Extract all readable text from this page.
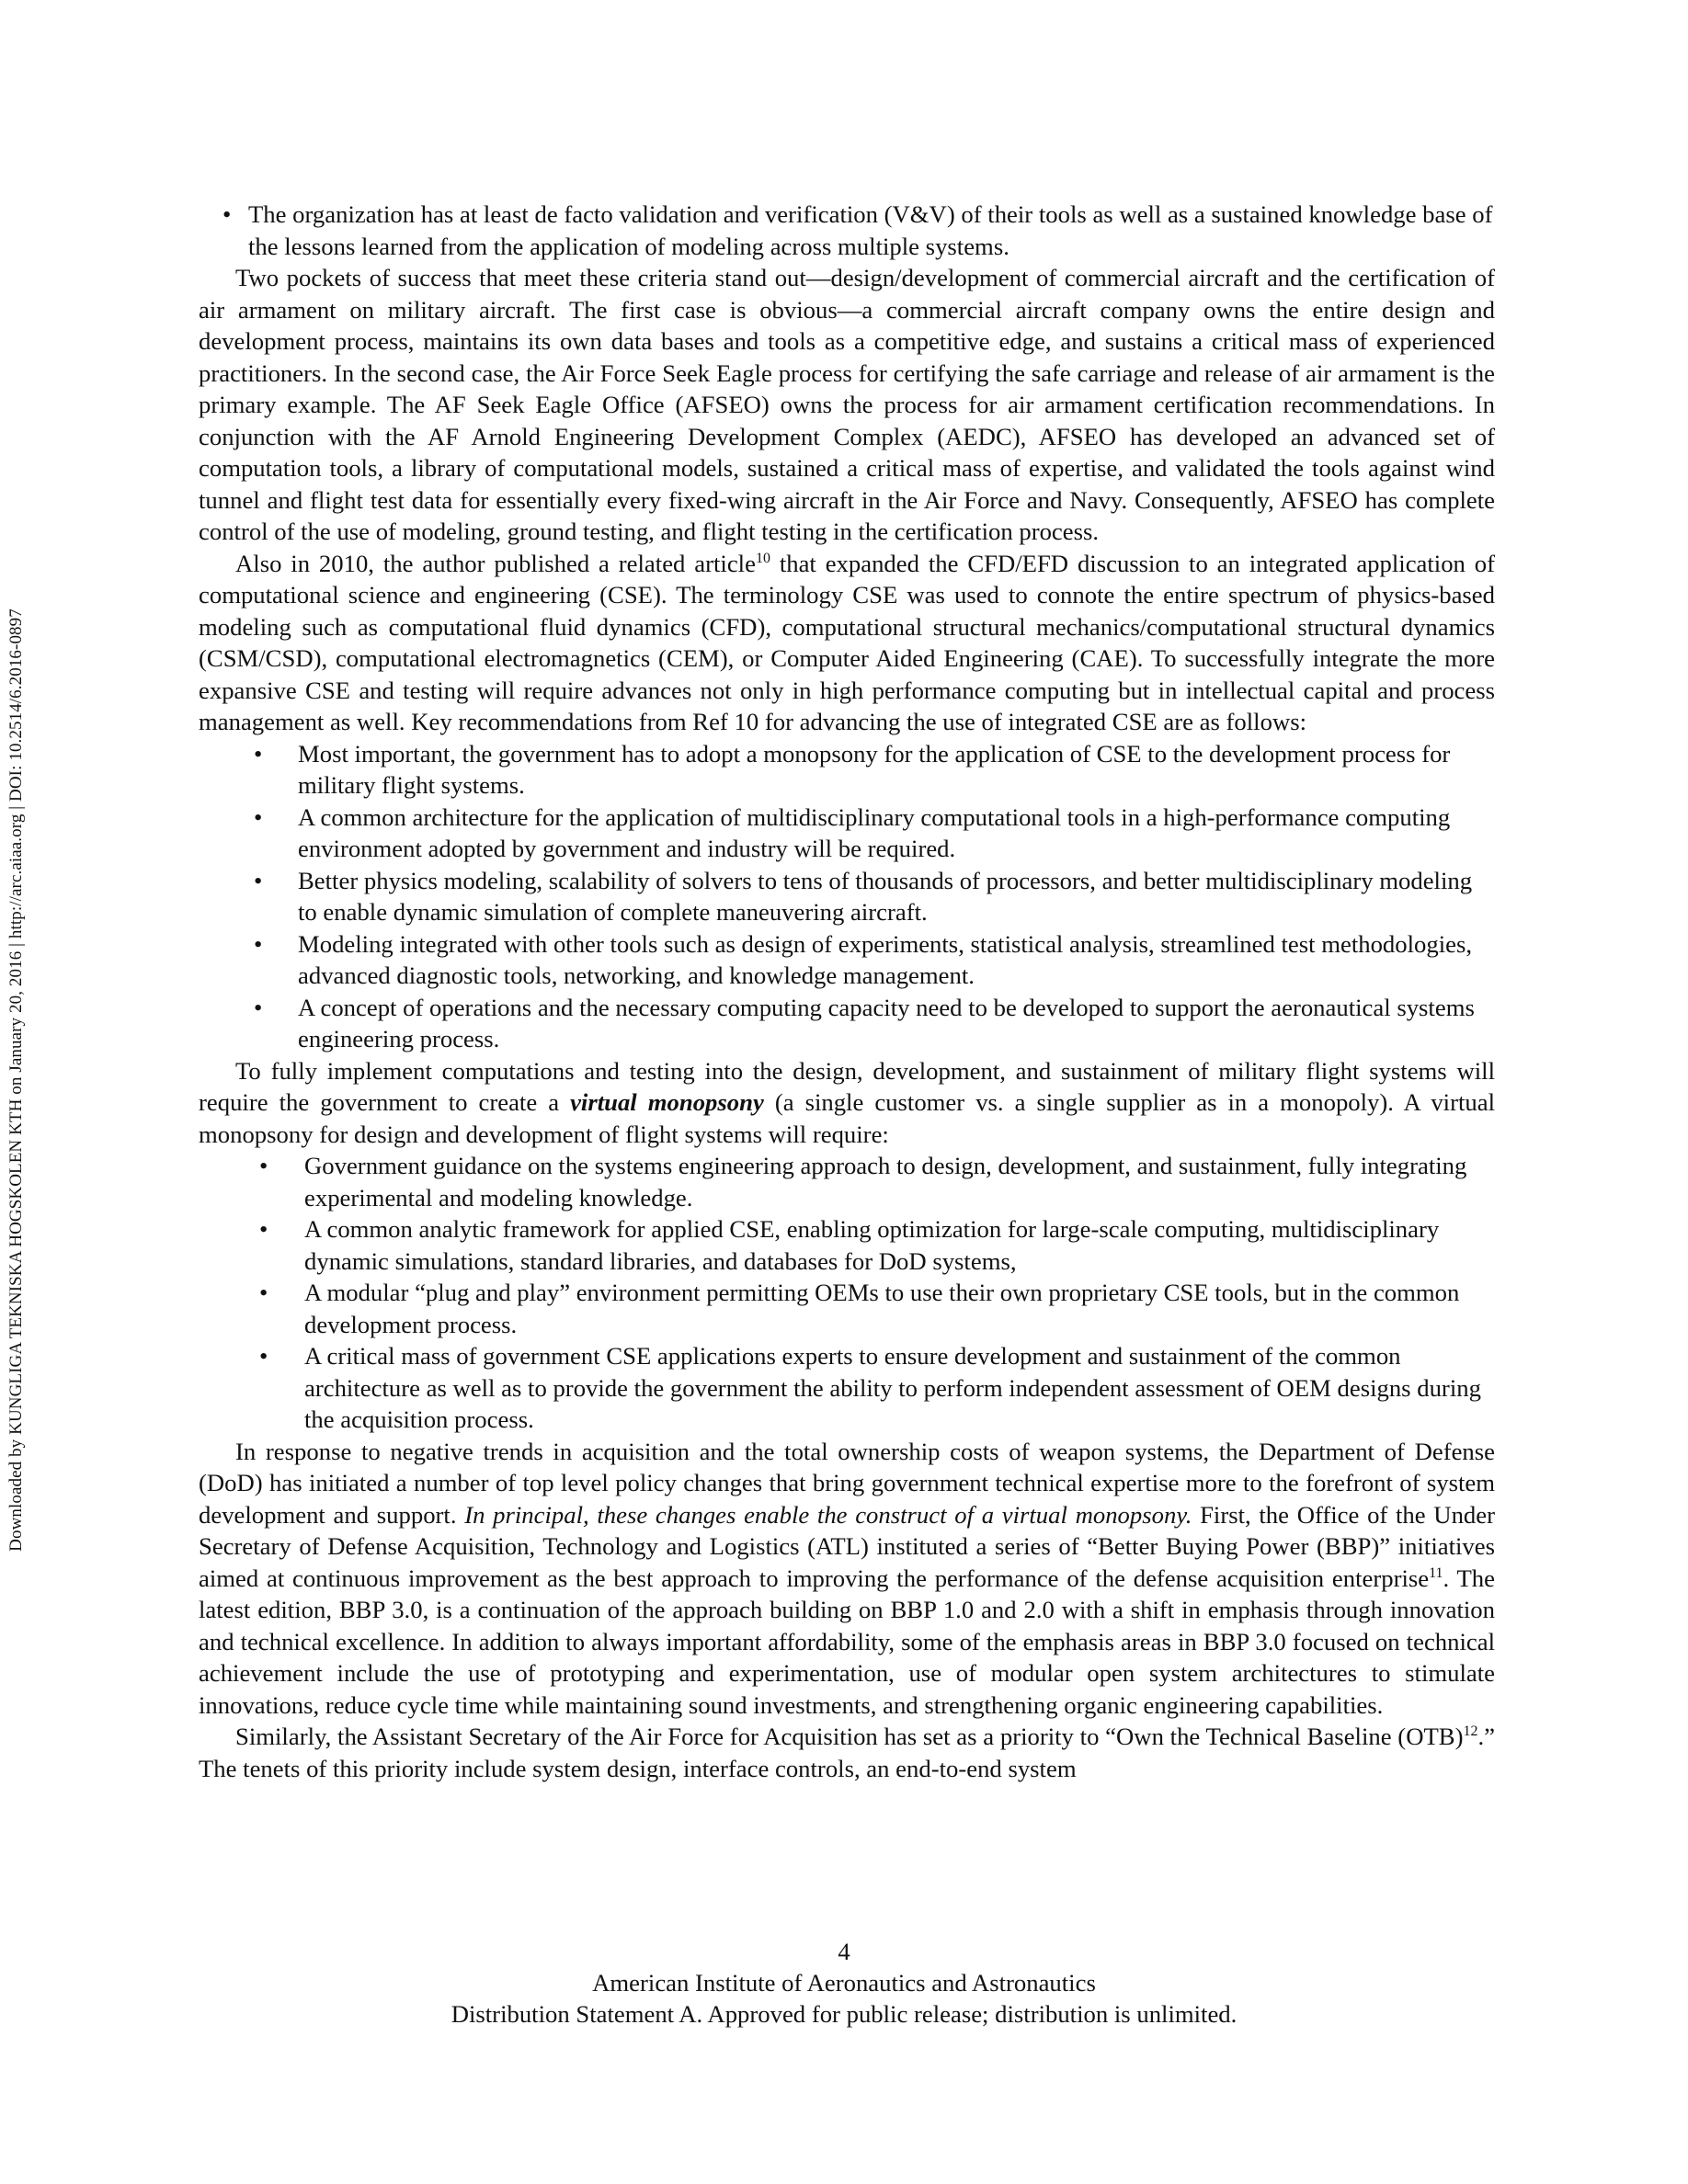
Downloaded by KUNGLIGA TEKNISKA HOGSKOLEN KTH on January 20, 2016 | http://arc.aiaa.org | DOI: 10.2514/6.2016-0897
• The organization has at least de facto validation and verification (V&V) of their tools as well as a sustained knowledge base of the lessons learned from the application of modeling across multiple systems.

Two pockets of success that meet these criteria stand out—design/development of commercial aircraft and the certification of air armament on military aircraft. The first case is obvious—a commercial aircraft company owns the entire design and development process, maintains its own data bases and tools as a competitive edge, and sustains a critical mass of experienced practitioners. In the second case, the Air Force Seek Eagle process for certifying the safe carriage and release of air armament is the primary example. The AF Seek Eagle Office (AFSEO) owns the process for air armament certification recommendations. In conjunction with the AF Arnold Engineering Development Complex (AEDC), AFSEO has developed an advanced set of computation tools, a library of computational models, sustained a critical mass of expertise, and validated the tools against wind tunnel and flight test data for essentially every fixed-wing aircraft in the Air Force and Navy. Consequently, AFSEO has complete control of the use of modeling, ground testing, and flight testing in the certification process.

Also in 2010, the author published a related article$^{10}$ that expanded the CFD/EFD discussion to an integrated application of computational science and engineering (CSE). The terminology CSE was used to connote the entire spectrum of physics-based modeling such as computational fluid dynamics (CFD), computational structural mechanics/computational structural dynamics (CSM/CSD), computational electromagnetics (CEM), or Computer Aided Engineering (CAE). To successfully integrate the more expansive CSE and testing will require advances not only in high performance computing but in intellectual capital and process management as well. Key recommendations from Ref 10 for advancing the use of integrated CSE are as follows:

• Most important, the government has to adopt a monopsony for the application of CSE to the development process for military flight systems.
• A common architecture for the application of multidisciplinary computational tools in a high-performance computing environment adopted by government and industry will be required.
• Better physics modeling, scalability of solvers to tens of thousands of processors, and better multidisciplinary modeling to enable dynamic simulation of complete maneuvering aircraft.
• Modeling integrated with other tools such as design of experiments, statistical analysis, streamlined test methodologies, advanced diagnostic tools, networking, and knowledge management.
• A concept of operations and the necessary computing capacity need to be developed to support the aeronautical systems engineering process.

To fully implement computations and testing into the design, development, and sustainment of military flight systems will require the government to create a virtual monopsony (a single customer vs. a single supplier as in a monopoly). A virtual monopsony for design and development of flight systems will require:

• Government guidance on the systems engineering approach to design, development, and sustainment, fully integrating experimental and modeling knowledge.
• A common analytic framework for applied CSE, enabling optimization for large-scale computing, multidisciplinary dynamic simulations, standard libraries, and databases for DoD systems,
• A modular “plug and play” environment permitting OEMs to use their own proprietary CSE tools, but in the common development process.
• A critical mass of government CSE applications experts to ensure development and sustainment of the common architecture as well as to provide the government the ability to perform independent assessment of OEM designs during the acquisition process.

In response to negative trends in acquisition and the total ownership costs of weapon systems, the Department of Defense (DoD) has initiated a number of top level policy changes that bring government technical expertise more to the forefront of system development and support. In principal, these changes enable the construct of a virtual monopsony. First, the Office of the Under Secretary of Defense Acquisition, Technology and Logistics (ATL) instituted a series of “Better Buying Power (BBP)” initiatives aimed at continuous improvement as the best approach to improving the performance of the defense acquisition enterprise$^{11}$. The latest edition, BBP 3.0, is a continuation of the approach building on BBP 1.0 and 2.0 with a shift in emphasis through innovation and technical excellence. In addition to always important affordability, some of the emphasis areas in BBP 3.0 focused on technical achievement include the use of prototyping and experimentation, use of modular open system architectures to stimulate innovations, reduce cycle time while maintaining sound investments, and strengthening organic engineering capabilities.

Similarly, the Assistant Secretary of the Air Force for Acquisition has set as a priority to “Own the Technical Baseline (OTB)$^{12}$.” The tenets of this priority include system design, interface controls, an end-to-end system

4
American Institute of Aeronautics and Astronautics
Distribution Statement A. Approved for public release; distribution is unlimited.
